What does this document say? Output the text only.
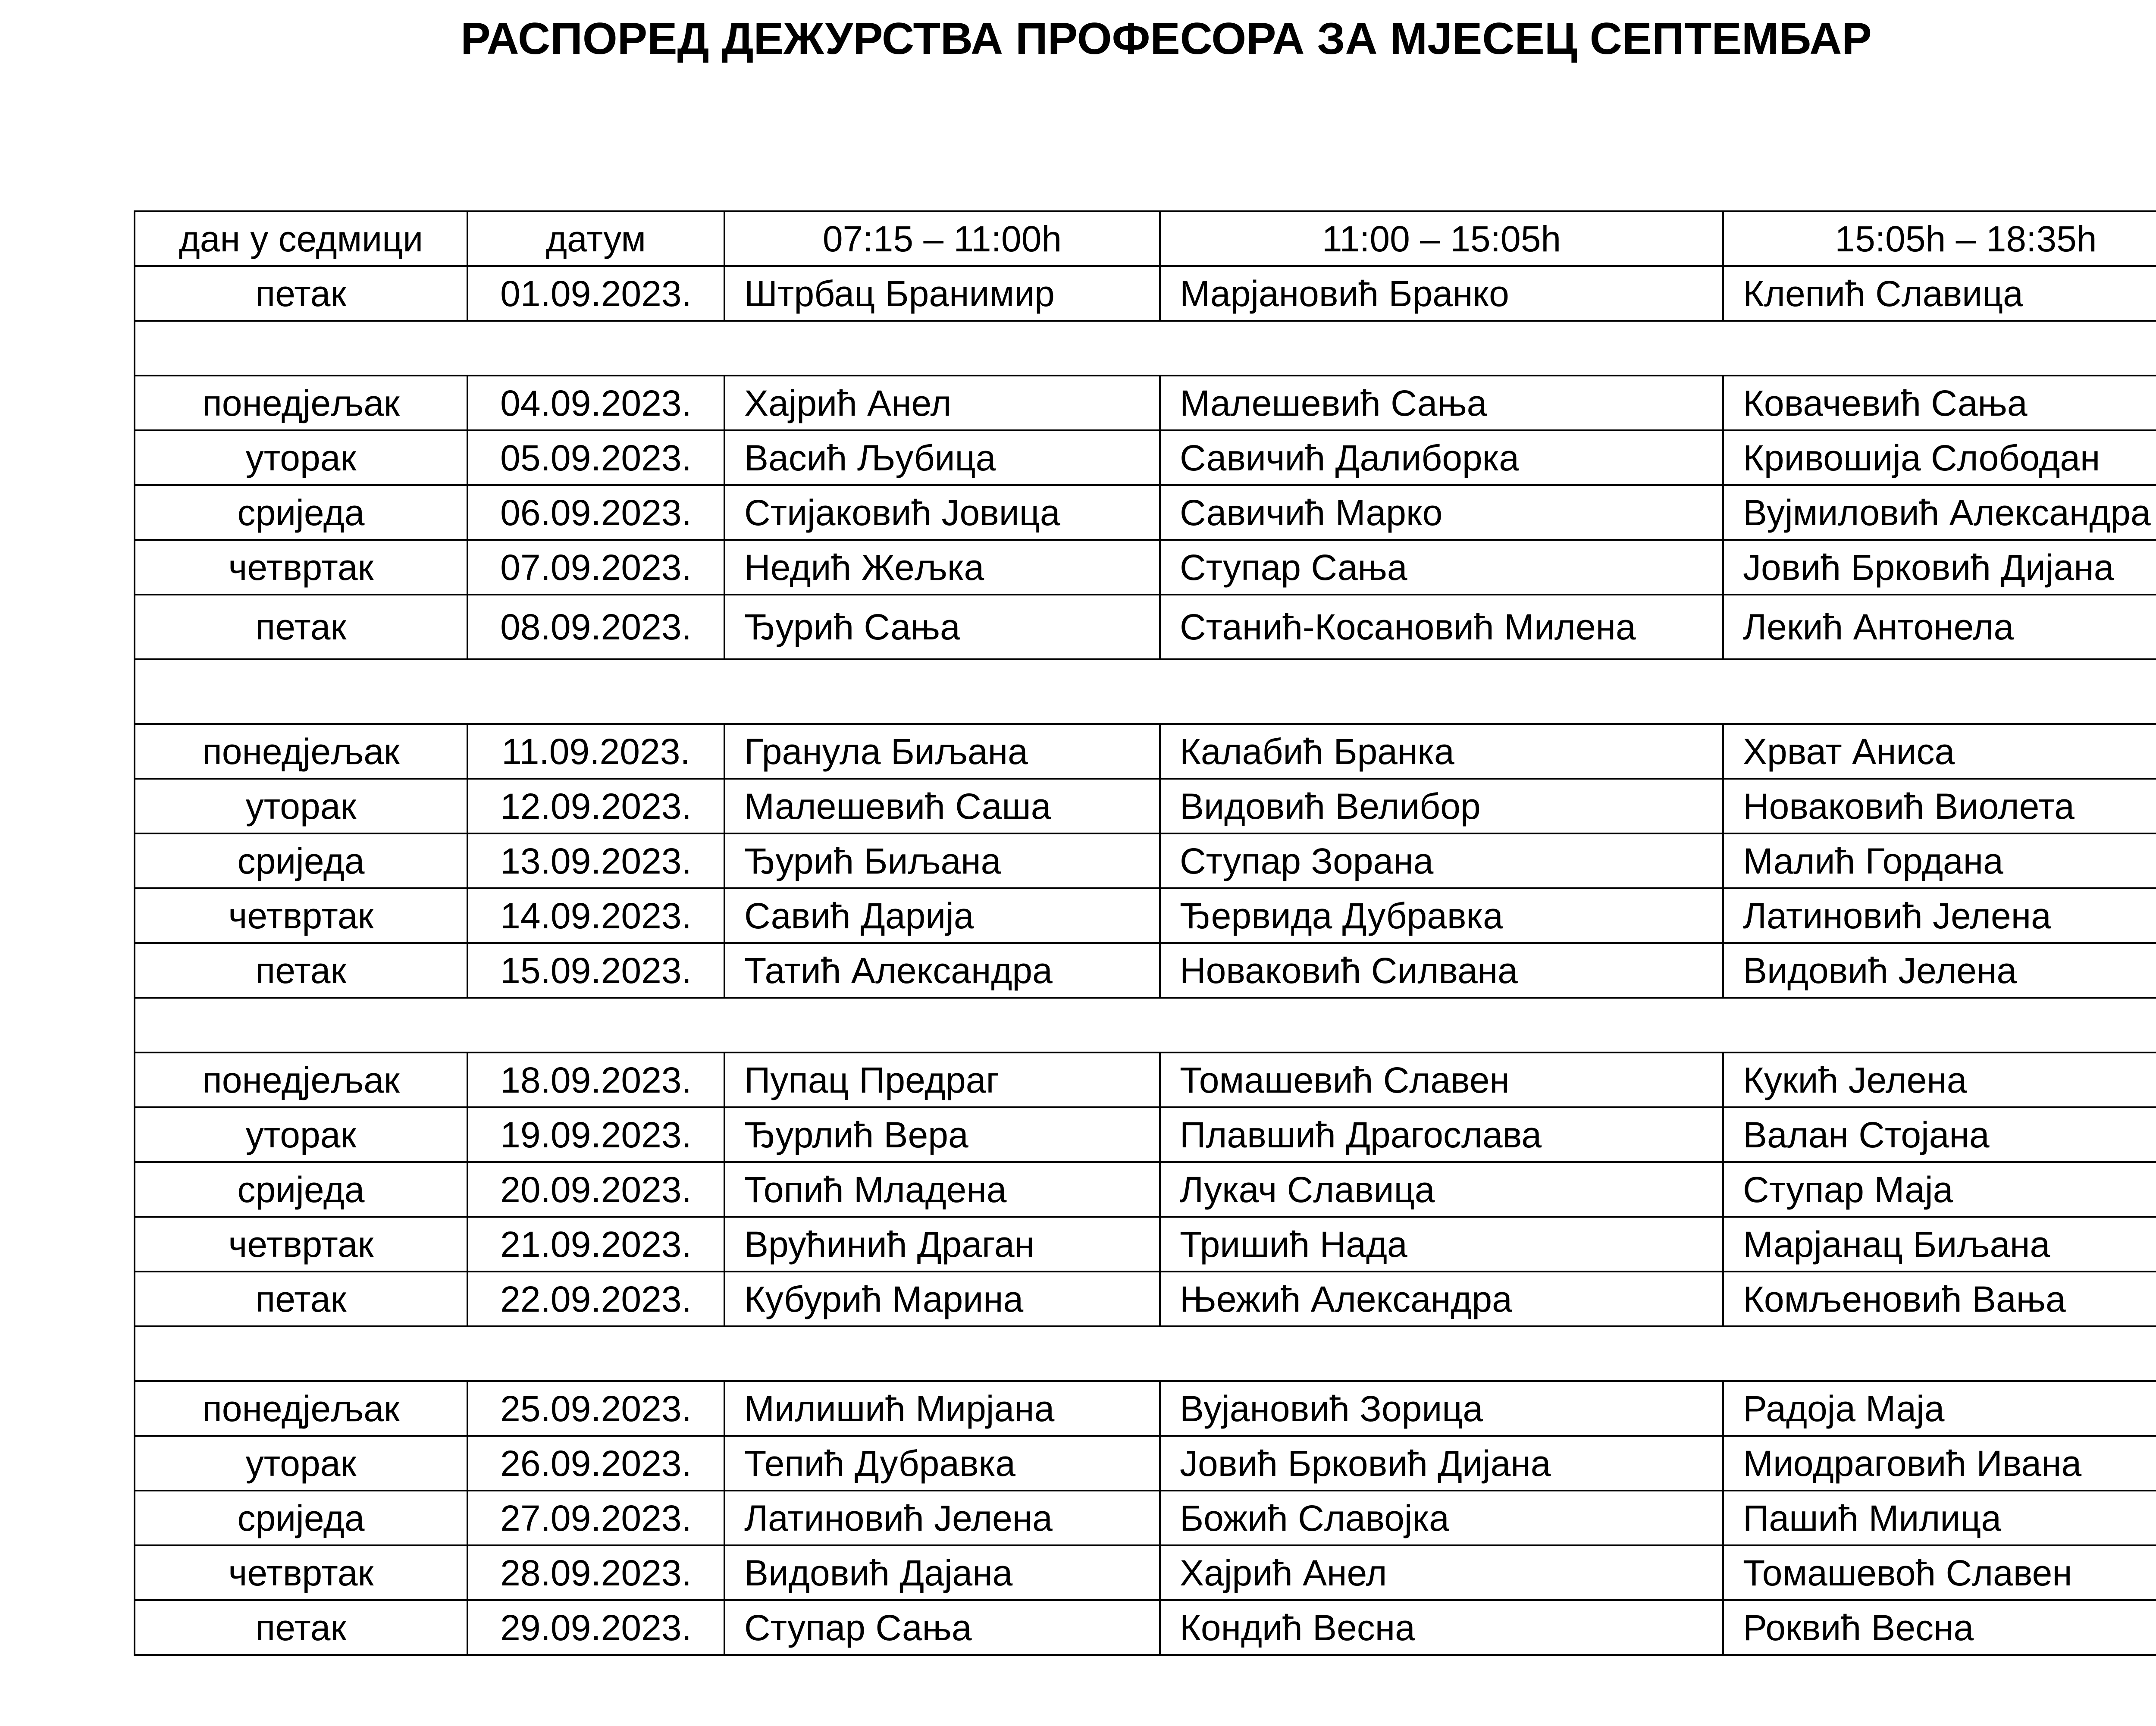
РАСПОРЕД ДЕЖУРСТВА ПРОФЕСОРА ЗА МЈЕСЕЦ СЕПТЕМБАР
дан у седмици	датум	07:15 – 11:00h	11:00 – 15:05h	15:05h – 18:35h
петак	01.09.2023.	Штрбац Бранимир	Марјановић Бранко	Клепић Славица

понедјељак	04.09.2023.	Хајрић Анел	Малешевић Сања	Ковачевић Сања
уторак	05.09.2023.	Васић Љубица	Савичић Далиборка	Кривошија Слободан
сриједа	06.09.2023.	Стијаковић Јовица	Савичић Марко	Вујмиловић Александра
четвртак	07.09.2023.	Недић Жељка	Ступар Сања	Јовић Брковић Дијана
петак	08.09.2023.	Ђурић Сања	Станић-Косановић Милена	Лекић Антонела

понедјељак	11.09.2023.	Гранула Биљана	Калабић Бранка	Хрват Аниса
уторак	12.09.2023.	Малешевић Саша	Видовић Велибор	Новаковић Виолета
сриједа	13.09.2023.	Ђурић Биљана	Ступар Зорана	Малић Гордана
четвртак	14.09.2023.	Савић Дарија	Ђервида Дубравка	Латиновић Јелена
петак	15.09.2023.	Татић Александра	Новаковић Силвана	Видовић Јелена

понедјељак	18.09.2023.	Пупац Предраг	Томашевић Славен	Кукић Јелена
уторак	19.09.2023.	Ђурлић Вера	Плавшић Драгослава	Валан Стојана
сриједа	20.09.2023.	Топић Младена	Лукач Славица	Ступар Маја
четвртак	21.09.2023.	Врућинић Драган	Тришић Нада	Марјанац Биљана
петак	22.09.2023.	Кубурић Марина	Њежић Александра	Комљеновић Вања

понедјељак	25.09.2023.	Милишић Мирјана	Вујановић Зорица	Радоја Маја
уторак	26.09.2023.	Тепић Дубравка	Јовић Брковић Дијана	Миодраговић Ивана
сриједа	27.09.2023.	Латиновић Јелена	Божић Славојка	Пашић Милица
четвртак	28.09.2023.	Видовић Дајана	Хајрић Анел	Томашевоћ Славен
петак	29.09.2023.	Ступар Сања	Кондић Весна	Роквић Весна
